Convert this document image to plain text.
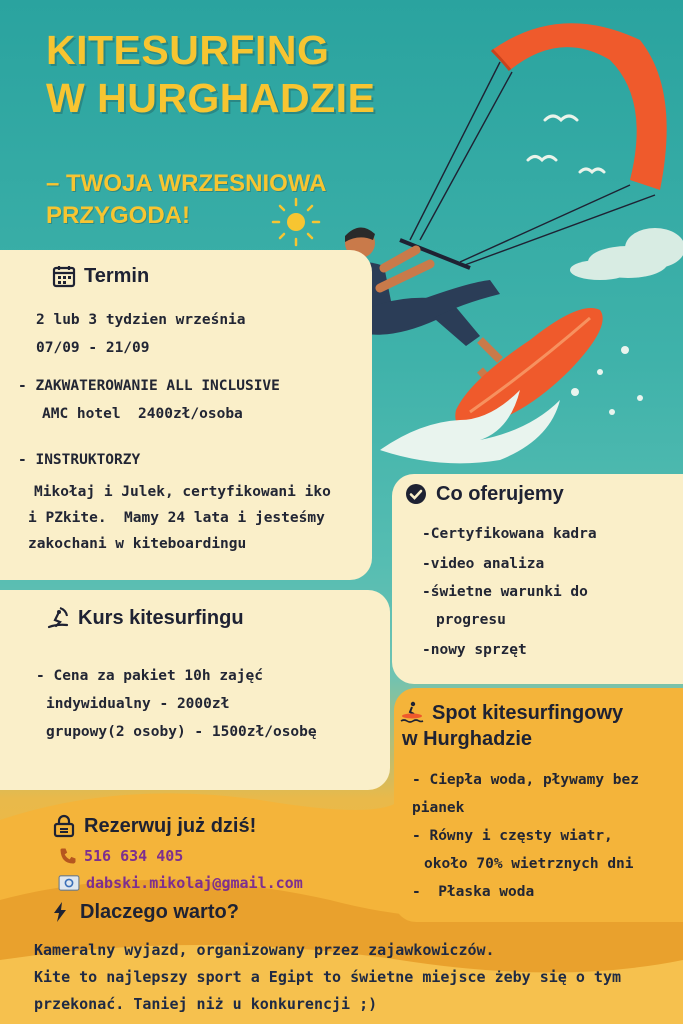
KITESURFING
W HURGHADZIE
– TWOJA WRZESNIOWA
PRZYGODA!
Termin
2 lub 3 tydzien września
07/09 - 21/09
- ZAKWATEROWANIE ALL INCLUSIVE
AMC hotel  2400zł/osoba
- INSTRUKTORZY
Mikołaj i Julek, certyfikowani iko
i PZkite.  Mamy 24 lata i jesteśmy
zakochani w kiteboardingu
Co oferujemy
-Certyfikowana kadra
-video analiza
-świetne warunki do
progresu
-nowy sprzęt
Kurs kitesurfingu
- Cena za pakiet 10h zajęć
indywidualny - 2000zł
grupowy(2 osoby) - 1500zł/osobę
Spot kitesurfingowy
w Hurghadzie
- Ciepła woda, pływamy bez
pianek
- Równy i częsty wiatr,
około 70% wietrznych dni
-  Płaska woda
Rezerwuj już dziś!
516 634 405
dabski.mikolaj@gmail.com
Dlaczego warto?
Kameralny wyjazd, organizowany przez zajawkowiczów.
Kite to najlepszy sport a Egipt to świetne miejsce żeby się o tym
przekonać. Taniej niż u konkurencji ;)
